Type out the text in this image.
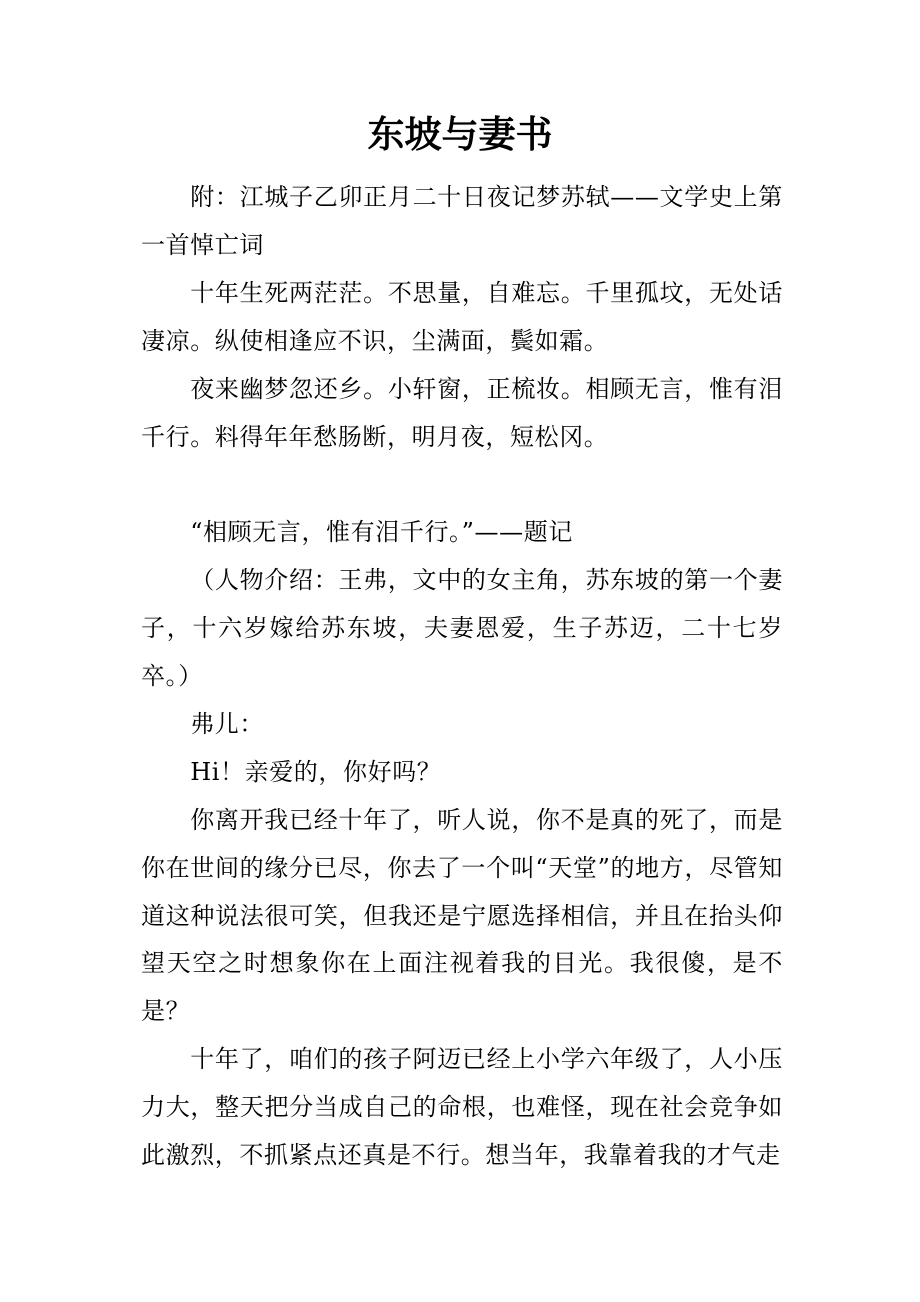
东坡与妻书

附：江城子乙卯正月二十日夜记梦苏轼——文学史上第一首悼亡词

十年生死两茫茫。不思量，自难忘。千里孤坟，无处话凄凉。纵使相逢应不识，尘满面，鬓如霜。

夜来幽梦忽还乡。小轩窗，正梳妆。相顾无言，惟有泪千行。料得年年愁肠断，明月夜，短松冈。

“相顾无言，惟有泪千行。”——题记

（人物介绍：王弗，文中的女主角，苏东坡的第一个妻子，十六岁嫁给苏东坡，夫妻恩爱，生子苏迈，二十七岁卒。）

弗儿：

Hi！亲爱的，你好吗？

你离开我已经十年了，听人说，你不是真的死了，而是你在世间的缘分已尽，你去了一个叫“天堂”的地方，尽管知道这种说法很可笑，但我还是宁愿选择相信，并且在抬头仰望天空之时想象你在上面注视着我的目光。我很傻，是不是？

十年了，咱们的孩子阿迈已经上小学六年级了，人小压力大，整天把分当成自己的命根，也难怪，现在社会竞争如此激烈，不抓紧点还真是不行。想当年，我靠着我的才气走
